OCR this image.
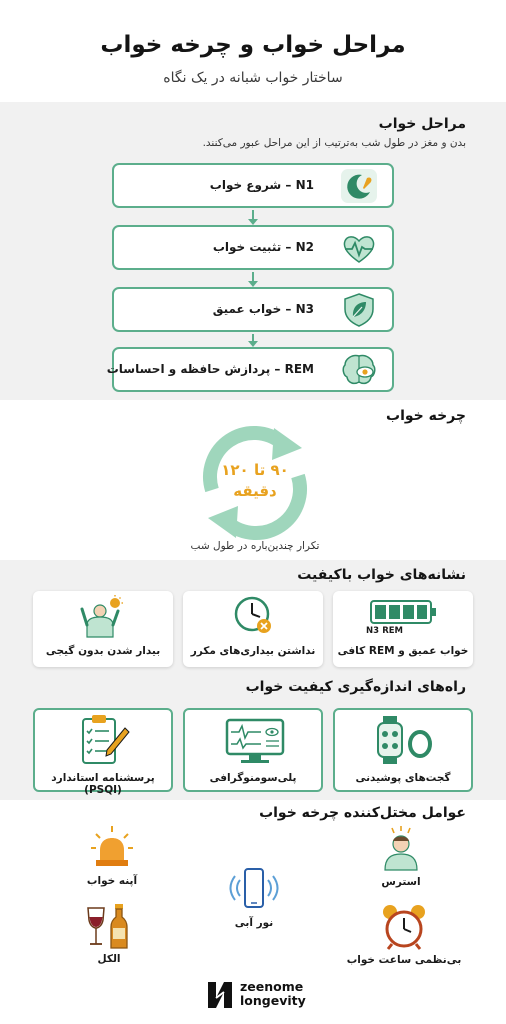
مراحل خواب و چرخه خواب
ساختار خواب شبانه در یک نگاه
مراحل خواب
بدن و مغز در طول شب به‌ترتیب از این مراحل عبور می‌کنند.
N1 – شروع خواب
N2 – تثبیت خواب
N3 – خواب عمیق
REM – پردازش حافظه و احساسات
چرخه خواب
۹۰ تا ۱۲۰
دقیقه
تکرار چندین‌باره در طول شب
نشانه‌های خواب باکیفیت
N3 REM
خواب عمیق و REM کافی
نداشتن بیداری‌های مکرر
بیدار شدن بدون گیجی
راه‌های اندازه‌گیری کیفیت خواب
گجت‌های پوشیدنی
پلی‌سومنوگرافی
پرسشنامه استاندارد (PSQI)
عوامل مختل‌کننده چرخه خواب
استرس
نور آبی
آپنه خواب
بی‌نظمی ساعت خواب
الکل
zeenome
longevity
